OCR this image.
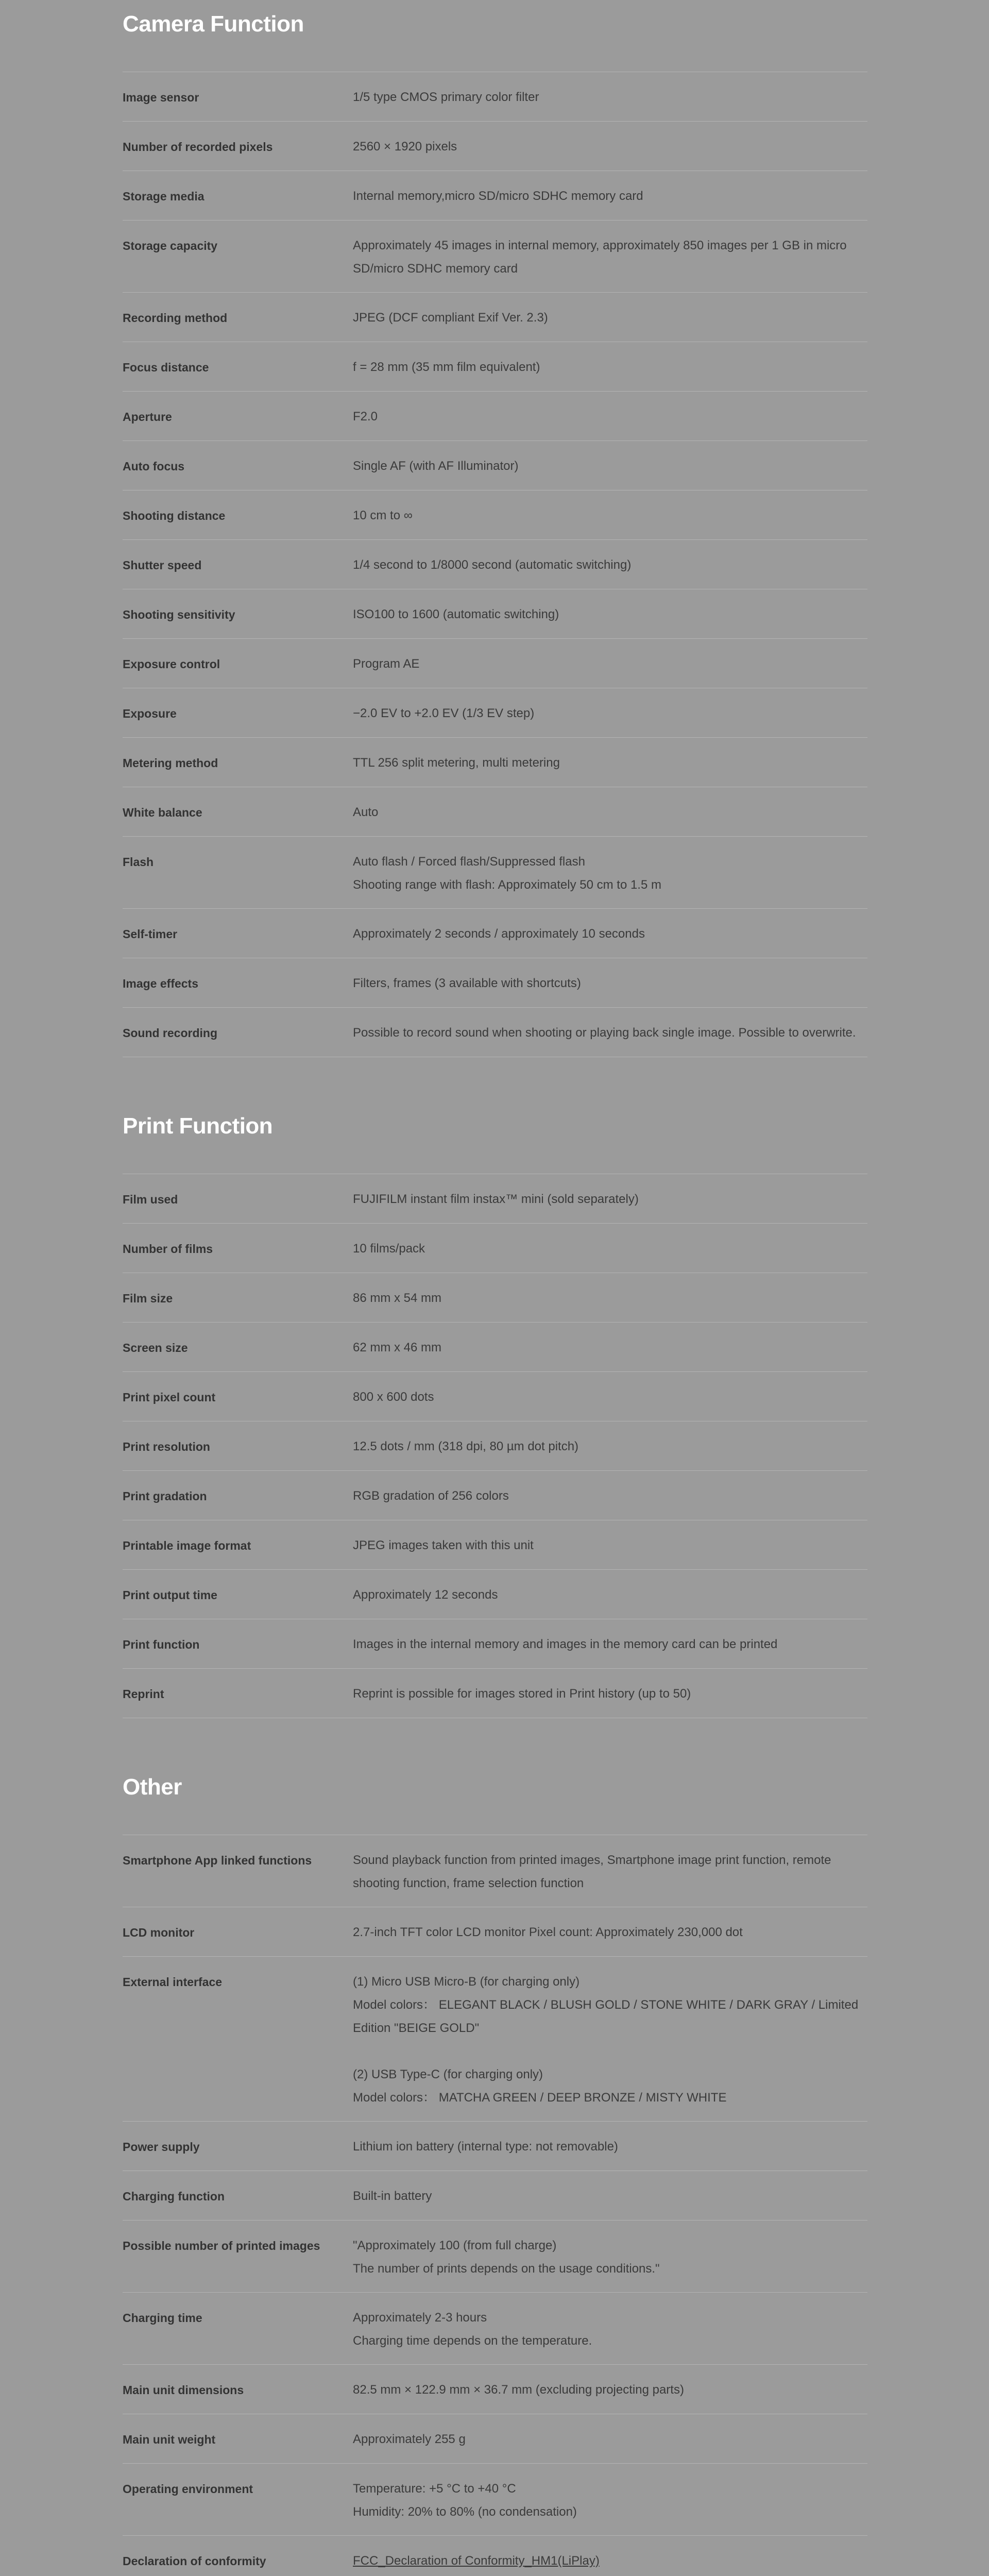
Camera Function
Image sensor	1/5 type CMOS primary color filter
Number of recorded pixels	2560 × 1920 pixels
Storage media	Internal memory,micro SD/micro SDHC memory card
Storage capacity	Approximately 45 images in internal memory, approximately 850 images per 1 GB in micro SD/micro SDHC memory card
Recording method	JPEG (DCF compliant Exif Ver. 2.3)
Focus distance	f = 28 mm (35 mm film equivalent)
Aperture	F2.0
Auto focus	Single AF (with AF Illuminator)
Shooting distance	10 cm to ∞
Shutter speed	1/4 second to 1/8000 second (automatic switching)
Shooting sensitivity	ISO100 to 1600 (automatic switching)
Exposure control	Program AE
Exposure	−2.0 EV to +2.0 EV (1/3 EV step)
Metering method	TTL 256 split metering, multi metering
White balance	Auto
Flash	Auto flash / Forced flash/Suppressed flash
Shooting range with flash: Approximately 50 cm to 1.5 m
Self-timer	Approximately 2 seconds / approximately 10 seconds
Image effects	Filters, frames (3 available with shortcuts)
Sound recording	Possible to record sound when shooting or playing back single image. Possible to overwrite.
Print Function
Film used	FUJIFILM instant film instax™ mini (sold separately)
Number of films	10 films/pack
Film size	86 mm x 54 mm
Screen size	62 mm x 46 mm
Print pixel count	800 x 600 dots
Print resolution	12.5 dots / mm (318 dpi, 80 µm dot pitch)
Print gradation	RGB gradation of 256 colors
Printable image format	JPEG images taken with this unit
Print output time	Approximately 12 seconds
Print function	Images in the internal memory and images in the memory card can be printed
Reprint	Reprint is possible for images stored in Print history (up to 50)
Other
Smartphone App linked functions	Sound playback function from printed images, Smartphone image print function, remote shooting function, frame selection function
LCD monitor	2.7-inch TFT color LCD monitor Pixel count: Approximately 230,000 dot
External interface	(1) Micro USB Micro-B (for charging only)
Model colors： ELEGANT BLACK / BLUSH GOLD / STONE WHITE / DARK GRAY / Limited Edition "BEIGE GOLD"
(2) USB Type-C (for charging only)
Model colors： MATCHA GREEN / DEEP BRONZE / MISTY WHITE
Power supply	Lithium ion battery (internal type: not removable)
Charging function	Built-in battery
Possible number of printed images	"Approximately 100 (from full charge)
The number of prints depends on the usage conditions."
Charging time	Approximately 2-3 hours
Charging time depends on the temperature.
Main unit dimensions	82.5 mm × 122.9 mm × 36.7 mm (excluding projecting parts)
Main unit weight	Approximately 255 g
Operating environment	Temperature: +5 °C to +40 °C
Humidity: 20% to 80% (no condensation)
Declaration of conformity	FCC_Declaration of Conformity_HM1(LiPlay)
